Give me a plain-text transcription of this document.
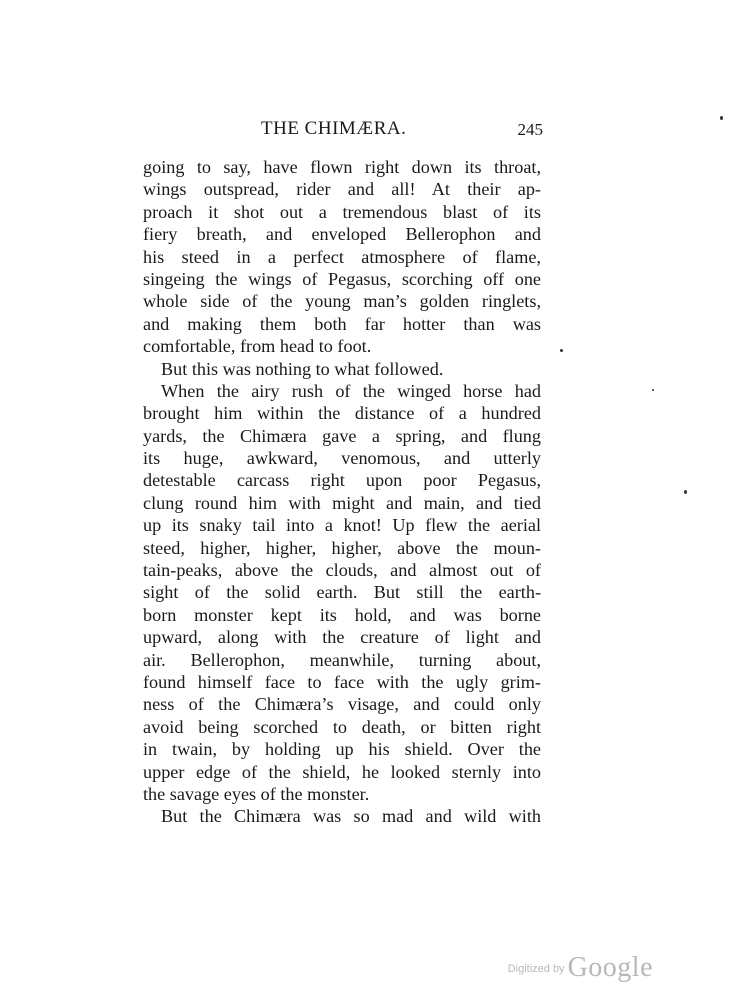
THE CHIMÆRA.	245
going to say, have flown right down its throat,
wings outspread, rider and all! At their ap-
proach it shot out a tremendous blast of its
fiery breath, and enveloped Bellerophon and
his steed in a perfect atmosphere of flame,
singeing the wings of Pegasus, scorching off one
whole side of the young man’s golden ringlets,
and making them both far hotter than was
comfortable, from head to foot.
But this was nothing to what followed.
When the airy rush of the winged horse had
brought him within the distance of a hundred
yards, the Chimæra gave a spring, and flung
its huge, awkward, venomous, and utterly
detestable carcass right upon poor Pegasus,
clung round him with might and main, and tied
up its snaky tail into a knot! Up flew the aerial
steed, higher, higher, higher, above the moun-
tain-peaks, above the clouds, and almost out of
sight of the solid earth. But still the earth-
born monster kept its hold, and was borne
upward, along with the creature of light and
air. Bellerophon, meanwhile, turning about,
found himself face to face with the ugly grim-
ness of the Chimæra’s visage, and could only
avoid being scorched to death, or bitten right
in twain, by holding up his shield. Over the
upper edge of the shield, he looked sternly into
the savage eyes of the monster.
But the Chimæra was so mad and wild with
$^{Digitized by}$ Google
